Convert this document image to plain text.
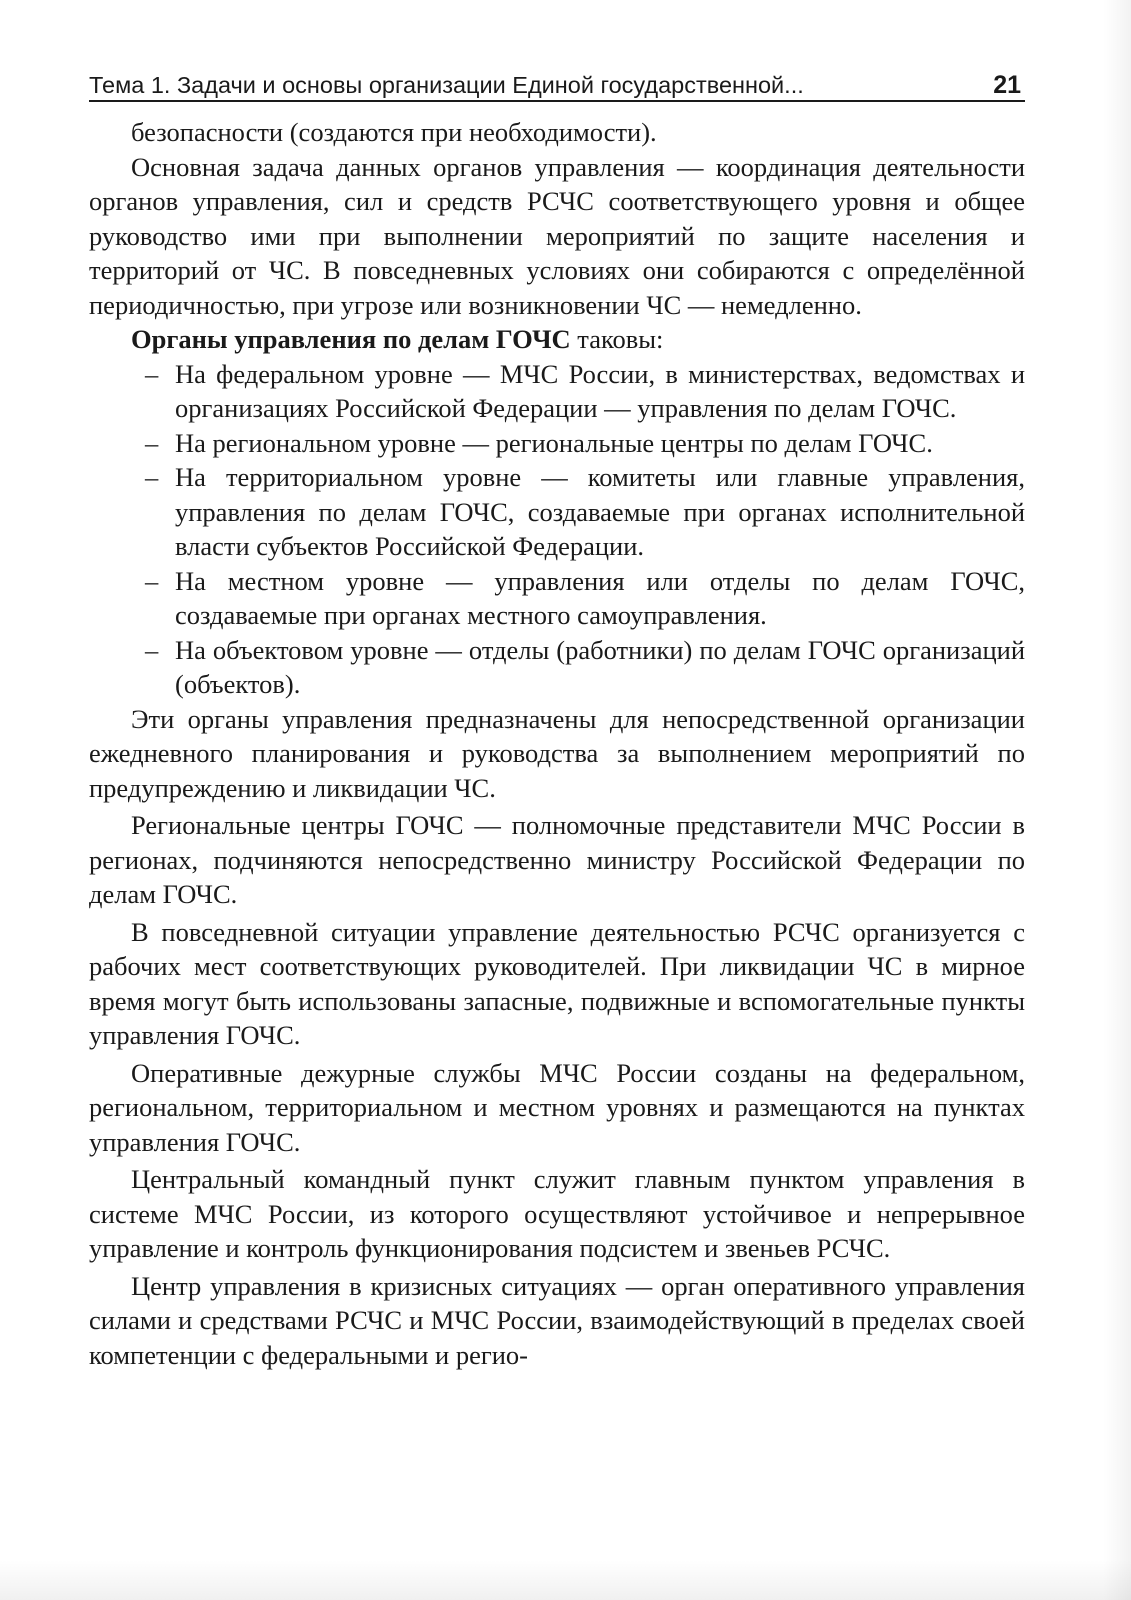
Тема 1. Задачи и основы организации Единой государственной...	21

безопасности (создаются при необходимости).

Основная задача данных органов управления — координация деятельности органов управления, сил и средств РСЧС соответствующего уровня и общее руководство ими при выполнении мероприятий по защите населения и территорий от ЧС. В повседневных условиях они собираются с определённой периодичностью, при угрозе или возникновении ЧС — немедленно.

Органы управления по делам ГОЧС таковы:

– На федеральном уровне — МЧС России, в министерствах, ведомствах и организациях Российской Федерации — управления по делам ГОЧС.

– На региональном уровне — региональные центры по делам ГОЧС.

– На территориальном уровне — комитеты или главные управления, управления по делам ГОЧС, создаваемые при органах исполнительной власти субъектов Российской Федерации.

– На местном уровне — управления или отделы по делам ГОЧС, создаваемые при органах местного самоуправления.

– На объектовом уровне — отделы (работники) по делам ГОЧС организаций (объектов).

Эти органы управления предназначены для непосредственной организации ежедневного планирования и руководства за выполнением мероприятий по предупреждению и ликвидации ЧС.

Региональные центры ГОЧС — полномочные представители МЧС России в регионах, подчиняются непосредственно министру Российской Федерации по делам ГОЧС.

В повседневной ситуации управление деятельностью РСЧС организуется с рабочих мест соответствующих руководителей. При ликвидации ЧС в мирное время могут быть использованы запасные, подвижные и вспомогательные пункты управления ГОЧС.

Оперативные дежурные службы МЧС России созданы на федеральном, региональном, территориальном и местном уровнях и размещаются на пунктах управления ГОЧС.

Центральный командный пункт служит главным пунктом управления в системе МЧС России, из которого осуществляют устойчивое и непрерывное управление и контроль функционирования подсистем и звеньев РСЧС.

Центр управления в кризисных ситуациях — орган оперативного управления силами и средствами РСЧС и МЧС России, взаимодействующий в пределах своей компетенции с федеральными и регио-
